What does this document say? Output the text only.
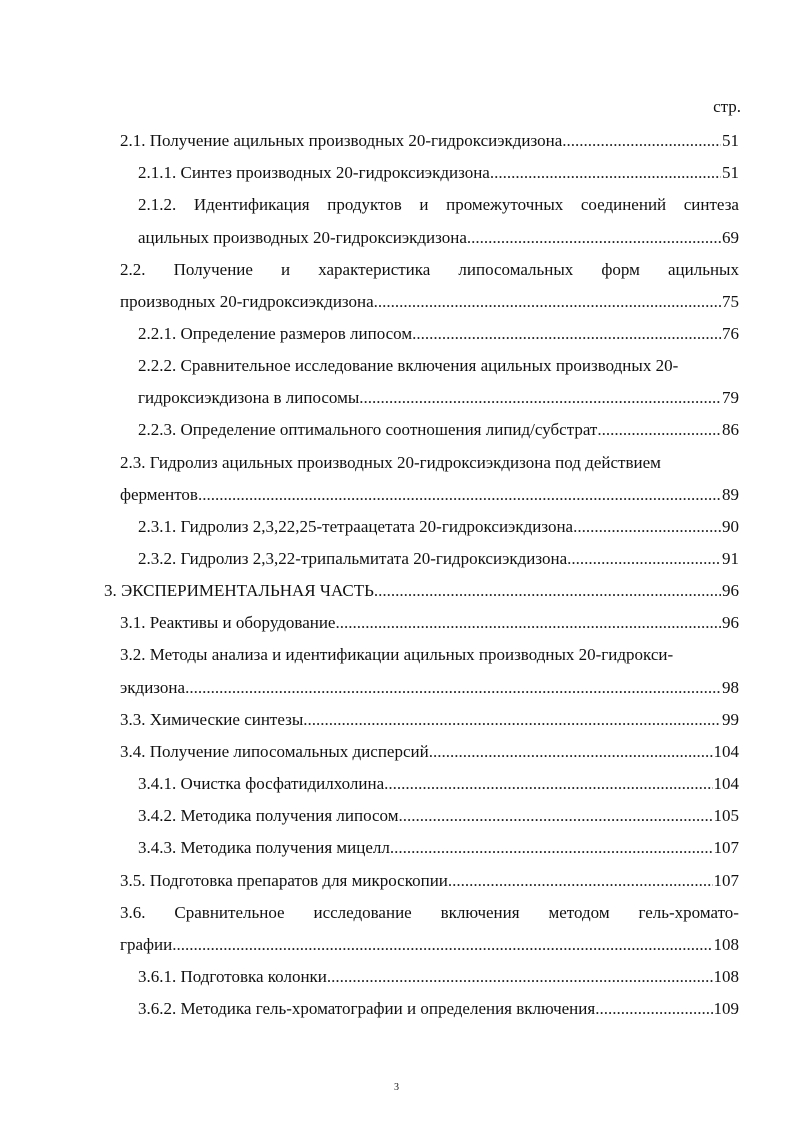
стр.
2.1. Получение ацильных производных 20-гидроксиэкдизона .....	51
2.1.1. Синтез производных 20-гидроксиэкдизона .....	51
2.1.2. Идентификация продуктов и промежуточных соединений синтеза
ацильных производных 20-гидроксиэкдизона .....	69
2.2. Получение и характеристика липосомальных форм ацильных
производных 20-гидроксиэкдизона .....	75
2.2.1. Определение размеров липосом .....	76
2.2.2. Сравнительное исследование включения ацильных производных 20-
гидроксиэкдизона в липосомы .....	79
2.2.3. Определение оптимального соотношения липид/субстрат .....	86
2.3. Гидролиз ацильных производных 20-гидроксиэкдизона под действием
ферментов .....	89
2.3.1. Гидролиз 2,3,22,25-тетраацетата 20-гидроксиэкдизона .....	90
2.3.2. Гидролиз 2,3,22-трипальмитата 20-гидроксиэкдизона .....	91
3. ЭКСПЕРИМЕНТАЛЬНАЯ ЧАСТЬ .....	96
3.1. Реактивы и оборудование .....	96
3.2. Методы анализа и идентификации ацильных производных 20-гидрокси-
экдизона .....	98
3.3. Химические синтезы .....	99
3.4. Получение липосомальных дисперсий .....	104
3.4.1. Очистка фосфатидилхолина .....	104
3.4.2. Методика получения липосом .....	105
3.4.3. Методика получения мицелл .....	107
3.5. Подготовка препаратов для микроскопии .....	107
3.6. Сравнительное исследование включения методом гель-хромато-
графии .....	108
3.6.1. Подготовка колонки .....	108
3.6.2. Методика гель-хроматографии и определения включения .....	109
3
